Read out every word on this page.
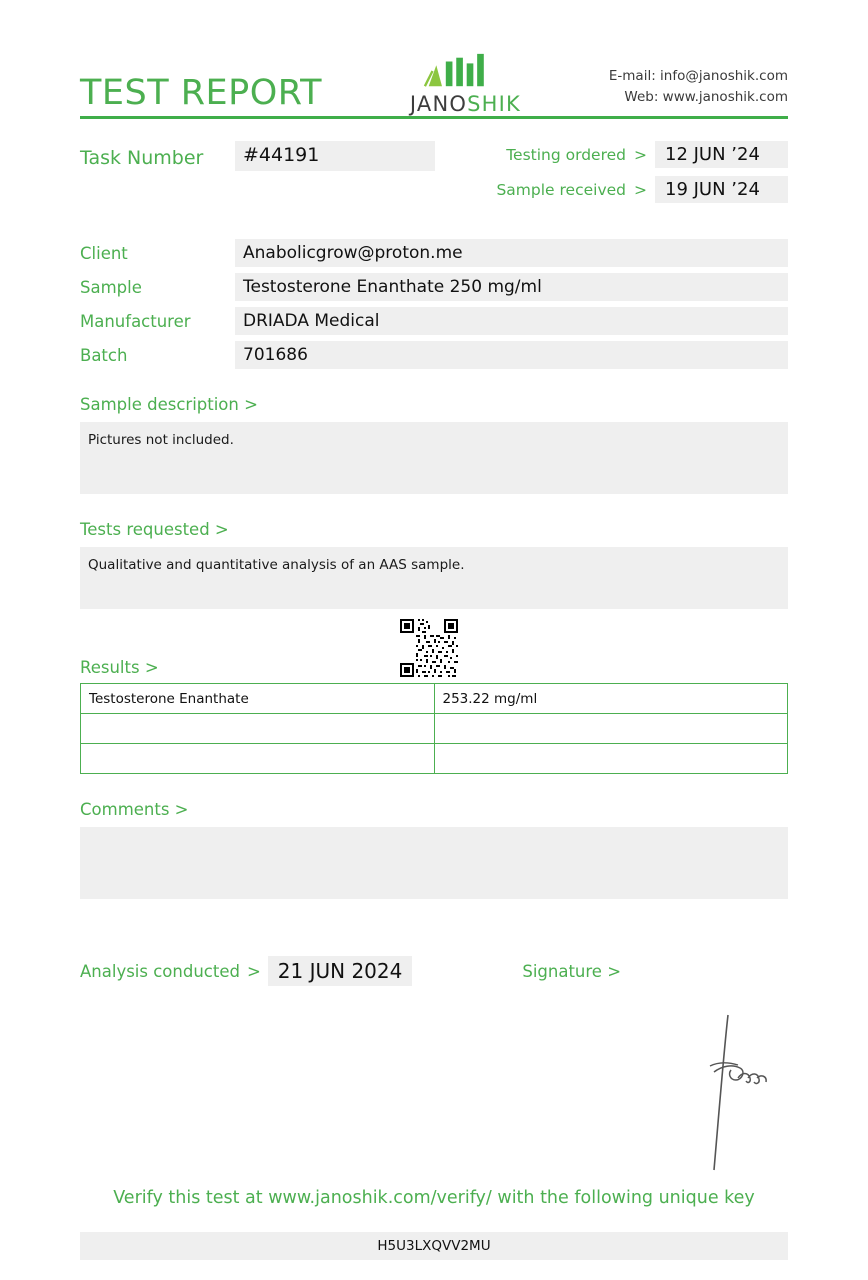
TEST REPORT	JANOSHIK
E-mail: info@janoshik.com
Web: www.janoshik.com
Task Number	#44191	Testing ordered >	12 JUN ’24
Sample received >	19 JUN ’24
Client	Anabolicgrow@proton.me
Sample	Testosterone Enanthate 250 mg/ml
Manufacturer	DRIADA Medical
Batch	701686
Sample description >
Pictures not included.
Tests requested >
Qualitative and quantitative analysis of an AAS sample.
Results >
Testosterone Enanthate	253.22 mg/ml

Comments >
Analysis conducted > 21 JUN 2024	Signature >
Verify this test at www.janoshik.com/verify/ with the following unique key
H5U3LXQVV2MU
